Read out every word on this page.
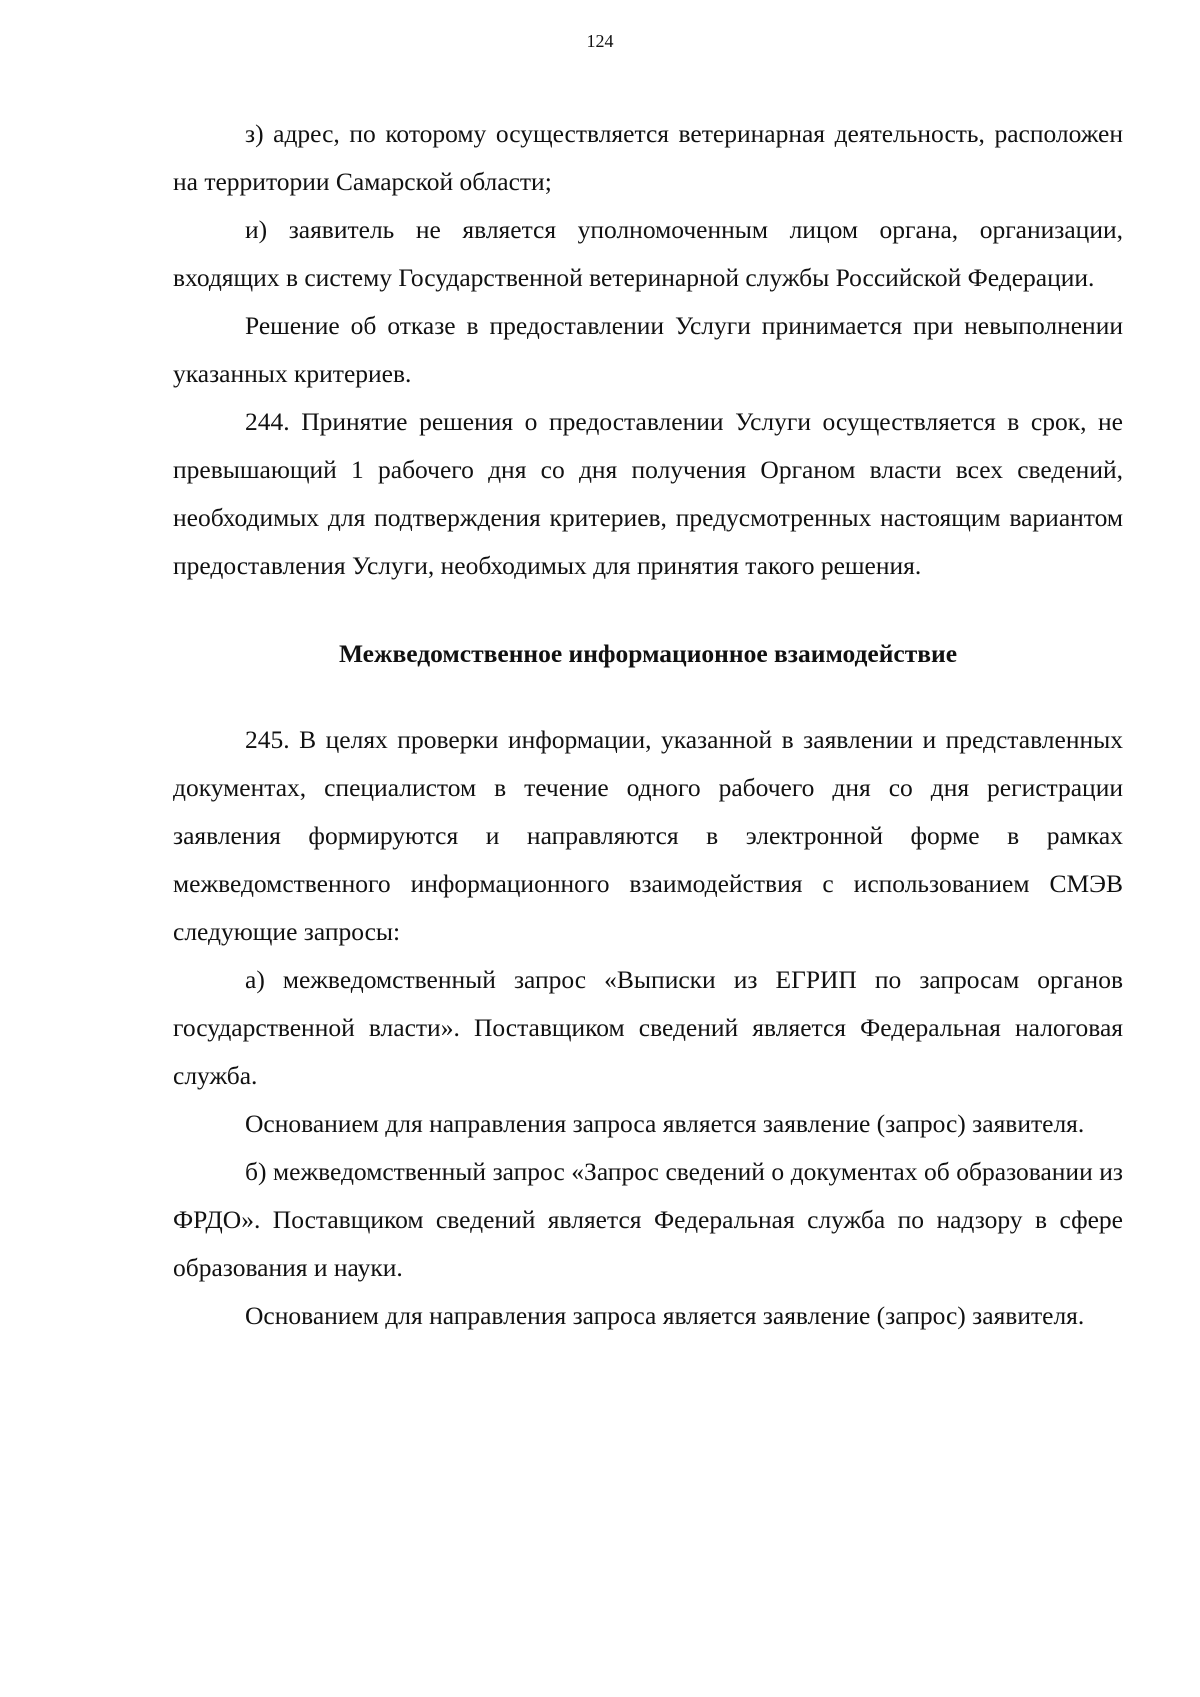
124

з) адрес, по которому осуществляется ветеринарная деятельность, расположен на территории Самарской области;

и) заявитель не является уполномоченным лицом органа, организации, входящих в систему Государственной ветеринарной службы Российской Федерации.

Решение об отказе в предоставлении Услуги принимается при невыполнении указанных критериев.

244. Принятие решения о предоставлении Услуги осуществляется в срок, не превышающий 1 рабочего дня со дня получения Органом власти всех сведений, необходимых для подтверждения критериев, предусмотренных настоящим вариантом предоставления Услуги, необходимых для принятия такого решения.

Межведомственное информационное взаимодействие

245. В целях проверки информации, указанной в заявлении и представленных документах, специалистом в течение одного рабочего дня со дня регистрации заявления формируются и направляются в электронной форме в рамках межведомственного информационного взаимодействия с использованием СМЭВ следующие запросы:

а) межведомственный запрос «Выписки из ЕГРИП по запросам органов государственной власти». Поставщиком сведений является Федеральная налоговая служба.

Основанием для направления запроса является заявление (запрос) заявителя.

б) межведомственный запрос «Запрос сведений о документах об образовании из ФРДО». Поставщиком сведений является Федеральная служба по надзору в сфере образования и науки.

Основанием для направления запроса является заявление (запрос) заявителя.
